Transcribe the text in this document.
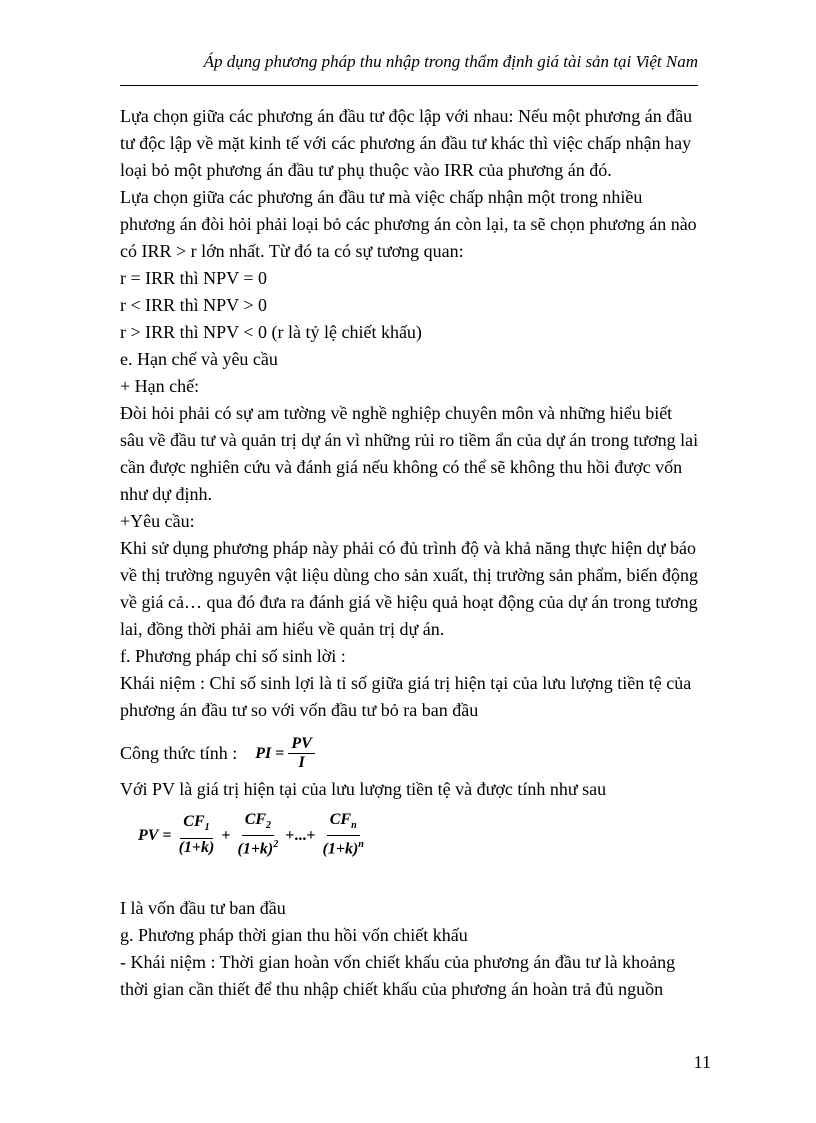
Áp dụng phương pháp thu nhập trong thẩm định giá tài sản tại Việt Nam

Lựa chọn giữa các phương án đầu tư độc lập với nhau: Nếu một phương án đầu tư độc lập về mặt kinh tế với các phương án đầu tư khác thì việc chấp nhận hay loại bỏ một phương án đầu tư phụ thuộc vào IRR của phương án đó.

Lựa chọn giữa các phương án đầu tư mà việc chấp nhận một trong nhiều phương án đòi hỏi phải loại bỏ các phương án còn lại, ta sẽ chọn phương án nào có IRR > r lớn nhất. Từ đó ta có sự tương quan:

r = IRR thì NPV = 0

r < IRR thì NPV > 0

r > IRR thì NPV < 0 (r là tỷ lệ chiết khấu)

e. Hạn chế và yêu cầu

+ Hạn chế:

Đòi hỏi phải có sự am tường về nghề nghiệp chuyên môn và những hiểu biết sâu về đầu tư và quản trị dự án vì những rủi ro tiềm ẩn của dự án trong tương lai cần được nghiên cứu và đánh giá nếu không có thể sẽ không thu hồi được vốn như dự định.

+Yêu cầu:

Khi sử dụng phương pháp này phải có đủ trình độ và khả năng thực hiện dự báo về thị trường nguyên vật liệu dùng cho sản xuất, thị trường sản phẩm, biến động về giá cả… qua đó đưa ra đánh giá về hiệu quả hoạt động của dự án trong tương lai, đồng thời phải am hiểu về quản trị dự án.

f. Phương pháp chỉ số sinh lời :

Khái niệm : Chỉ số sinh lợi là tỉ số giữa giá trị hiện tại của lưu lượng tiền tệ của phương án đầu tư so với vốn đầu tư bỏ ra ban đầu

Công thức tính : PI = $\frac{PV}{I}$

Với PV là giá trị hiện tại của lưu lượng tiền tệ và được tính như sau

PV = $\frac{CF_1}{(1+k)} + \frac{CF_2}{(1+k)^2}$ +...+ $\frac{CF_n}{(1+k)^n}$

I là vốn đầu tư ban đầu

g. Phương pháp thời gian thu hồi vốn chiết khấu

- Khái niệm : Thời gian hoàn vốn chiết khấu của phương án đầu tư là khoảng thời gian cần thiết để thu nhập chiết khấu của phương án hoàn trả đủ nguồn

11
